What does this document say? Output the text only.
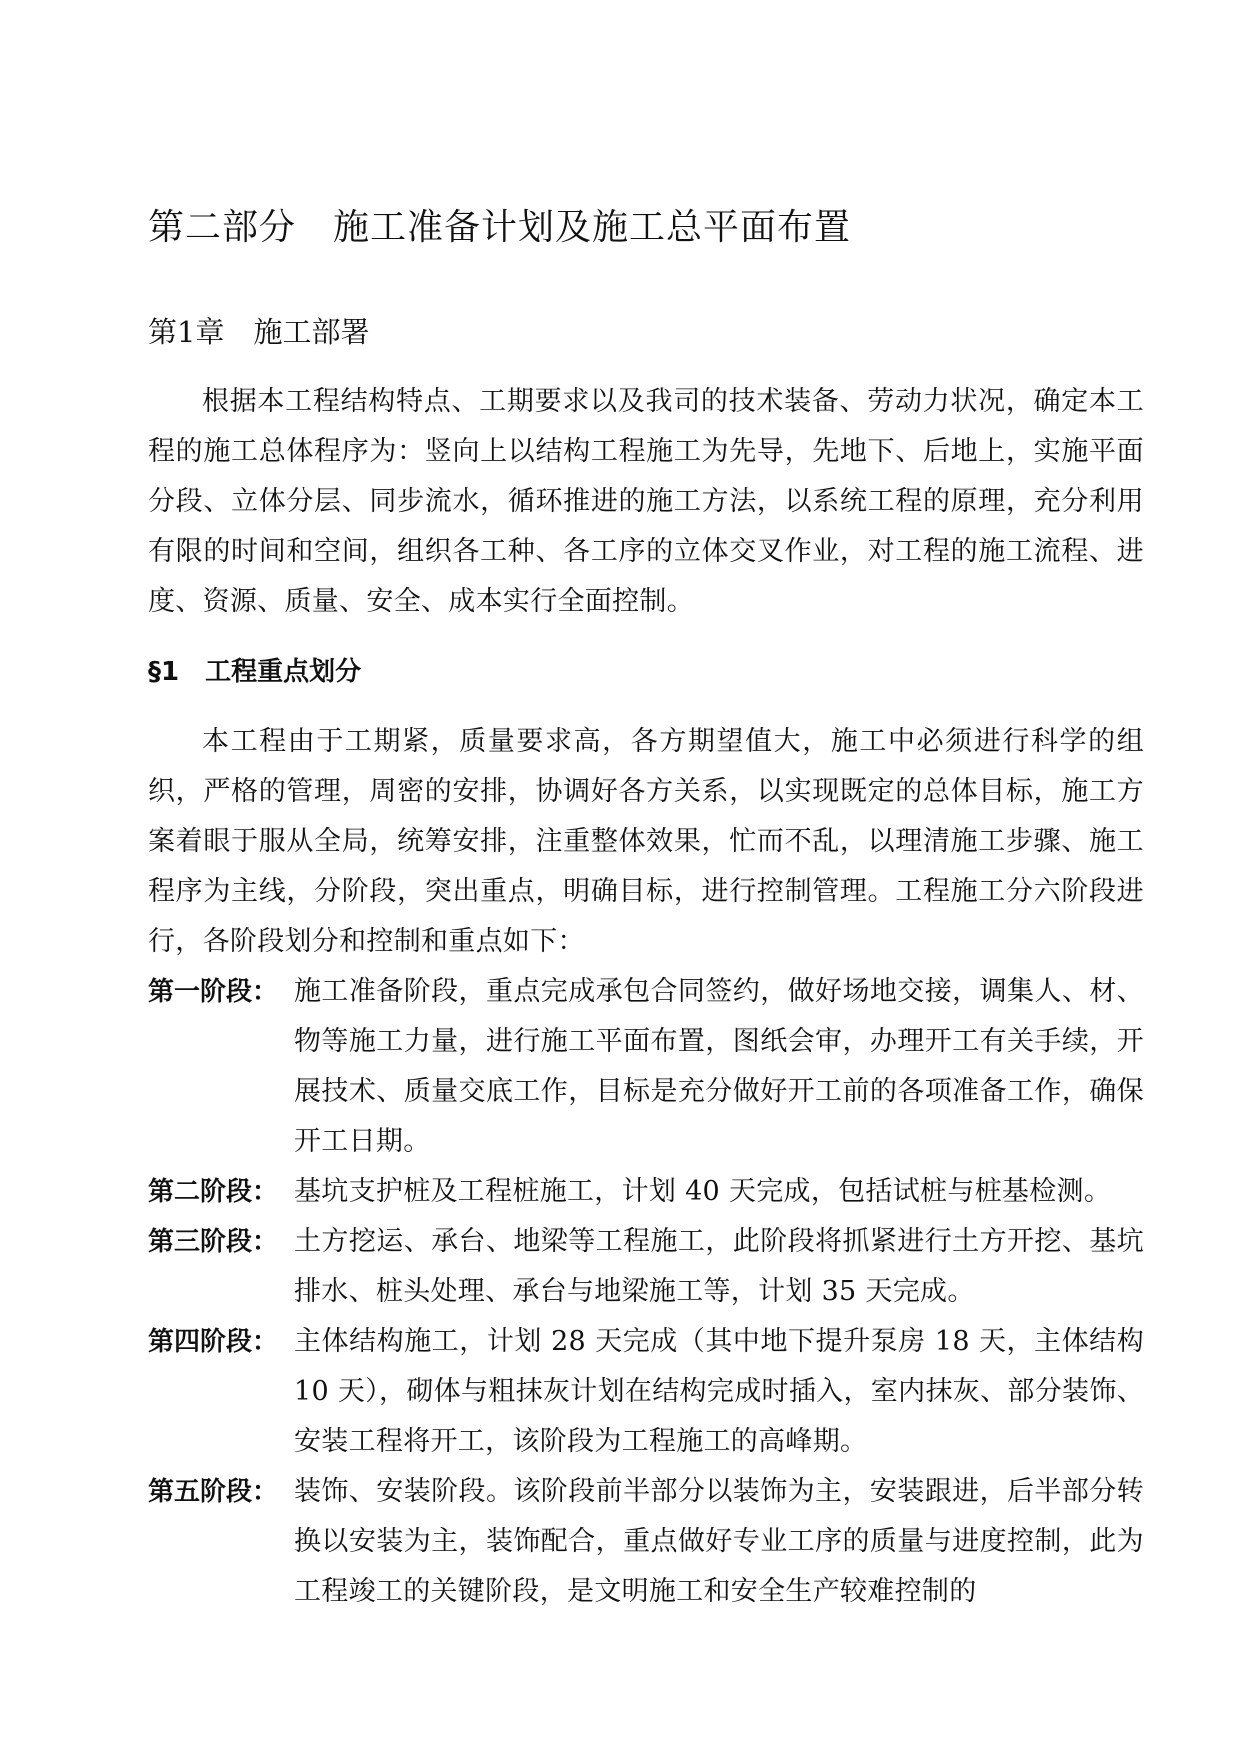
第二部分　施工准备计划及施工总平面布置
第1章　施工部署
根据本工程结构特点、工期要求以及我司的技术装备、劳动力状况，确定本工程的施工总体程序为：竖向上以结构工程施工为先导，先地下、后地上，实施平面分段、立体分层、同步流水，循环推进的施工方法，以系统工程的原理，充分利用有限的时间和空间，组织各工种、各工序的立体交叉作业，对工程的施工流程、进度、资源、质量、安全、成本实行全面控制。
§1　工程重点划分
本工程由于工期紧，质量要求高，各方期望值大，施工中必须进行科学的组织，严格的管理，周密的安排，协调好各方关系，以实现既定的总体目标，施工方案着眼于服从全局，统筹安排，注重整体效果，忙而不乱，以理清施工步骤、施工程序为主线，分阶段，突出重点，明确目标，进行控制管理。工程施工分六阶段进行，各阶段划分和控制和重点如下：
第一阶段： 施工准备阶段，重点完成承包合同签约，做好场地交接，调集人、材、物等施工力量，进行施工平面布置，图纸会审，办理开工有关手续，开展技术、质量交底工作，目标是充分做好开工前的各项准备工作，确保开工日期。
第二阶段： 基坑支护桩及工程桩施工，计划 40 天完成，包括试桩与桩基检测。
第三阶段： 土方挖运、承台、地梁等工程施工，此阶段将抓紧进行土方开挖、基坑排水、桩头处理、承台与地梁施工等，计划 35 天完成。
第四阶段： 主体结构施工，计划 28 天完成（其中地下提升泵房 18 天，主体结构 10 天），砌体与粗抹灰计划在结构完成时插入，室内抹灰、部分装饰、安装工程将开工，该阶段为工程施工的高峰期。
第五阶段： 装饰、安装阶段。该阶段前半部分以装饰为主，安装跟进，后半部分转换以安装为主，装饰配合，重点做好专业工序的质量与进度控制，此为工程竣工的关键阶段，是文明施工和安全生产较难控制的
